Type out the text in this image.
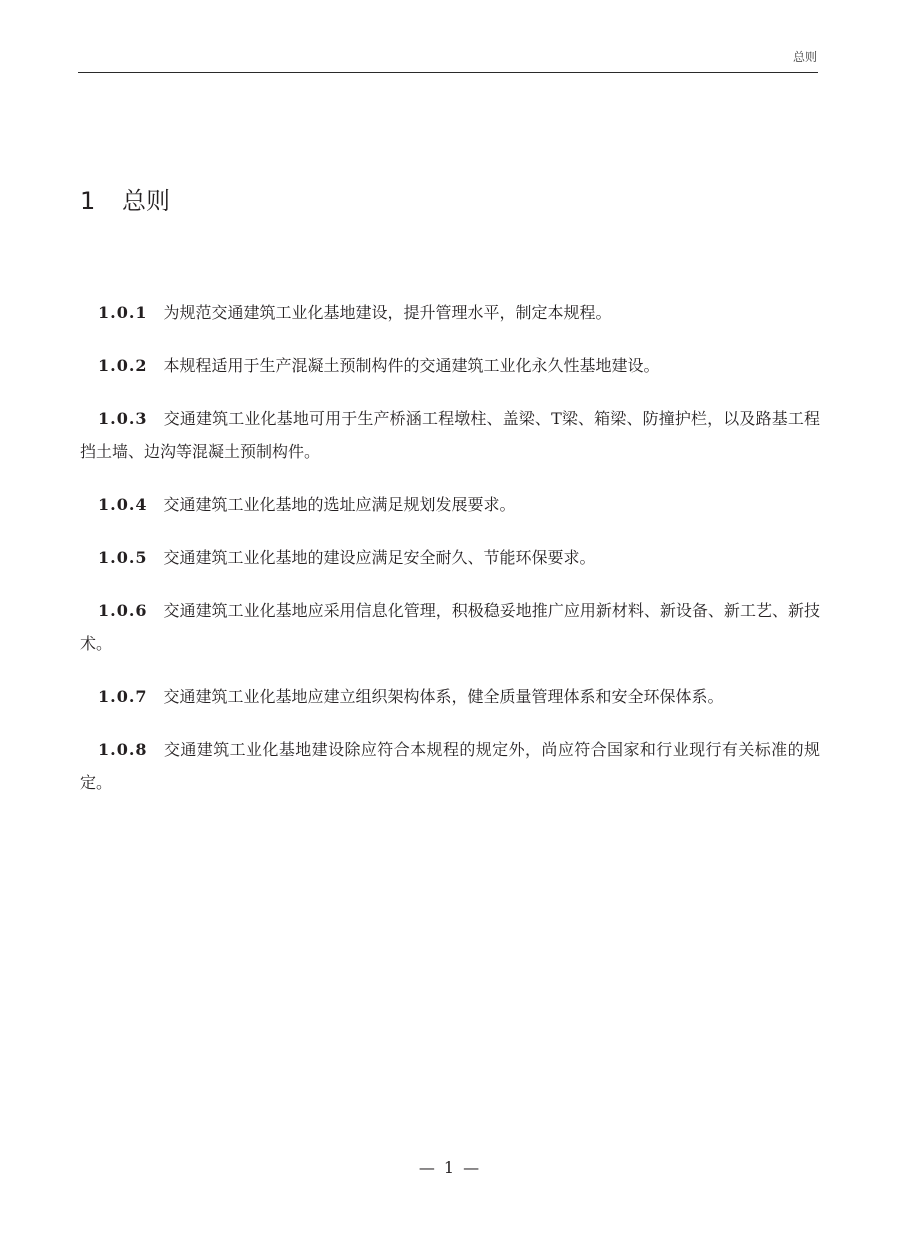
总则
1 总则

1.0.1 为规范交通建筑工业化基地建设，提升管理水平，制定本规程。

1.0.2 本规程适用于生产混凝土预制构件的交通建筑工业化永久性基地建设。

1.0.3 交通建筑工业化基地可用于生产桥涵工程墩柱、盖梁、T梁、箱梁、防撞护栏，以及路基工程挡土墙、边沟等混凝土预制构件。

1.0.4 交通建筑工业化基地的选址应满足规划发展要求。

1.0.5 交通建筑工业化基地的建设应满足安全耐久、节能环保要求。

1.0.6 交通建筑工业化基地应采用信息化管理，积极稳妥地推广应用新材料、新设备、新工艺、新技术。

1.0.7 交通建筑工业化基地应建立组织架构体系，健全质量管理体系和安全环保体系。

1.0.8 交通建筑工业化基地建设除应符合本规程的规定外，尚应符合国家和行业现行有关标准的规定。

— 1 —
